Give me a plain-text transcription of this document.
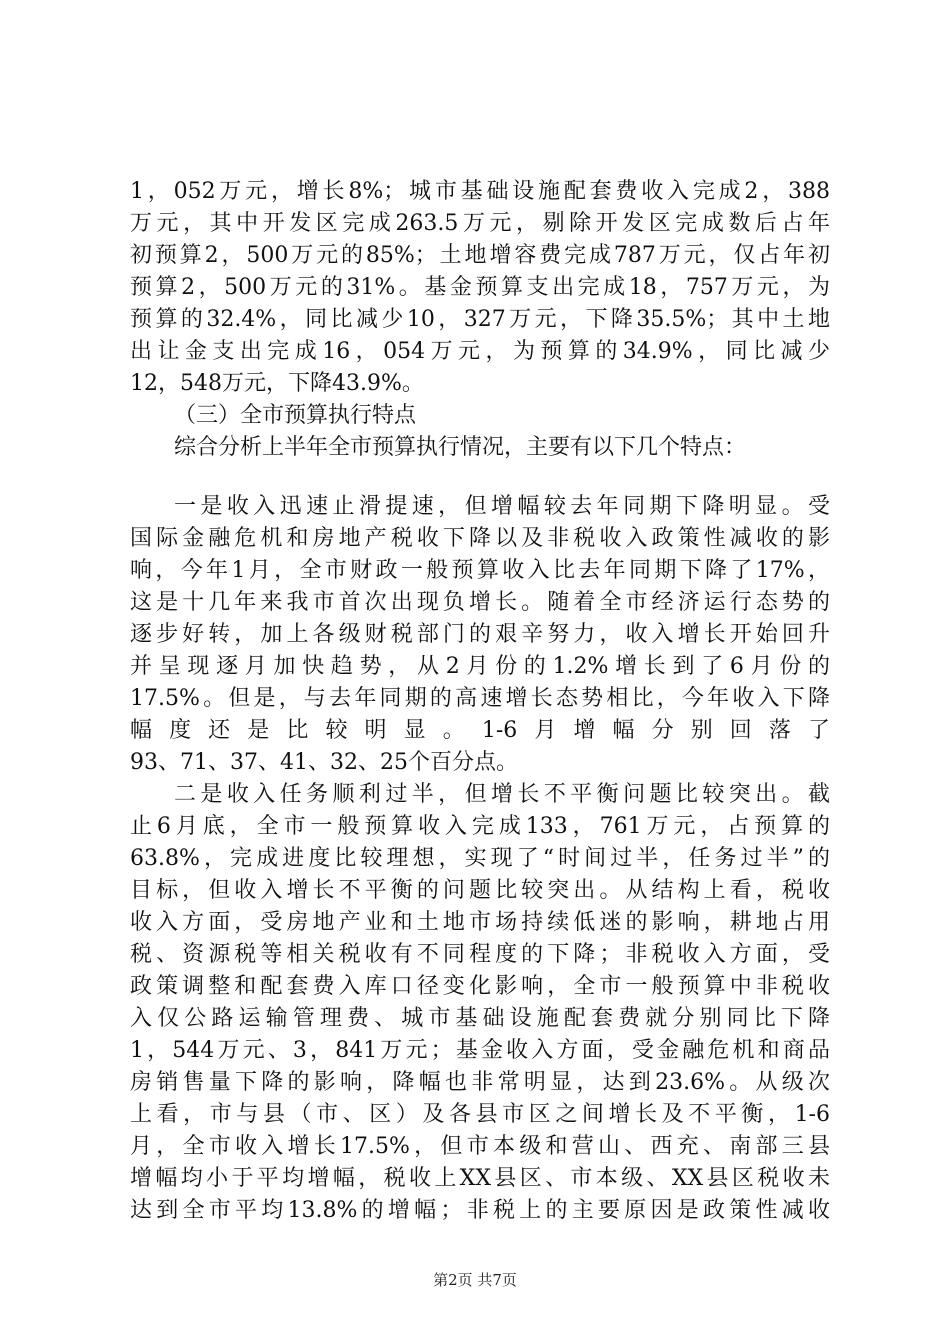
1，052万元，增长8%；城市基础设施配套费收入完成2，388
万元，其中开发区完成263.5万元，剔除开发区完成数后占年
初预算2，500万元的85%；土地增容费完成787万元，仅占年初
预算2，500万元的31%。基金预算支出完成18，757万元，为
预算的32.4%，同比减少10，327万元，下降35.5%；其中土地
出让金支出完成16，054万元，为预算的34.9%，同比减少
12，548万元，下降43.9%。
（三）全市预算执行特点
综合分析上半年全市预算执行情况，主要有以下几个特点：
一是收入迅速止滑提速，但增幅较去年同期下降明显。受
国际金融危机和房地产税收下降以及非税收入政策性减收的影
响，今年1月，全市财政一般预算收入比去年同期下降了17%，
这是十几年来我市首次出现负增长。随着全市经济运行态势的
逐步好转，加上各级财税部门的艰辛努力，收入增长开始回升
并呈现逐月加快趋势，从2月份的1.2%增长到了6月份的
17.5%。但是，与去年同期的高速增长态势相比，今年收入下降
幅度还是比较明显。1-6月增幅分别回落了
93、71、37、41、32、25个百分点。
二是收入任务顺利过半，但增长不平衡问题比较突出。截
止6月底，全市一般预算收入完成133，761万元，占预算的
63.8%，完成进度比较理想，实现了“时间过半，任务过半”的
目标，但收入增长不平衡的问题比较突出。从结构上看，税收
收入方面，受房地产业和土地市场持续低迷的影响，耕地占用
税、资源税等相关税收有不同程度的下降；非税收入方面，受
政策调整和配套费入库口径变化影响，全市一般预算中非税收
入仅公路运输管理费、城市基础设施配套费就分别同比下降
1，544万元、3，841万元；基金收入方面，受金融危机和商品
房销售量下降的影响，降幅也非常明显，达到23.6%。从级次
上看，市与县（市、区）及各县市区之间增长及不平衡，1-6
月，全市收入增长17.5%，但市本级和营山、西充、南部三县
增幅均小于平均增幅，税收上XX县区、市本级、XX县区税收未
达到全市平均13.8%的增幅；非税上的主要原因是政策性减收
第2页 共7页
